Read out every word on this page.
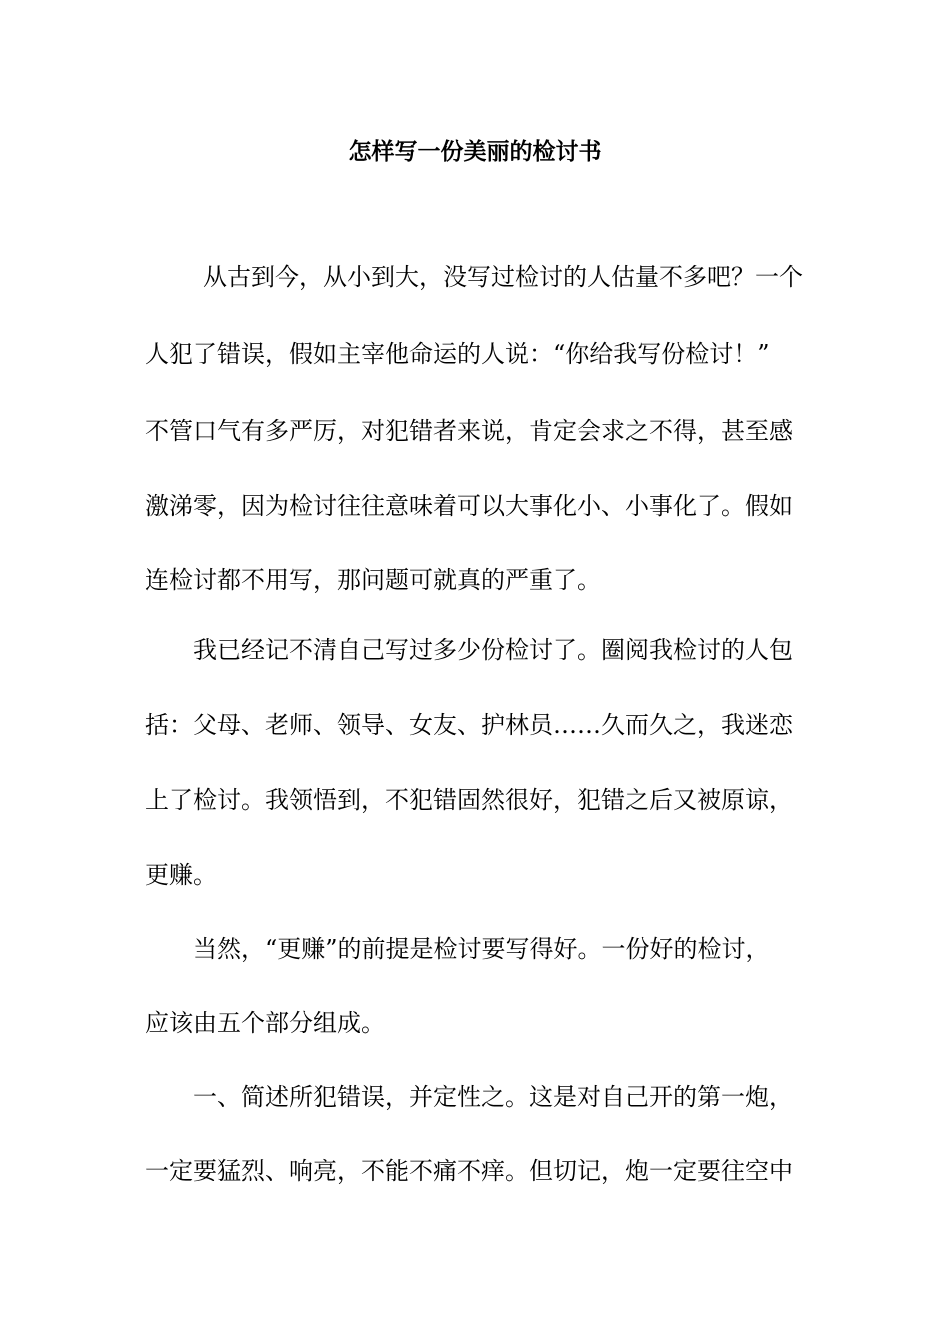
怎样写一份美丽的检讨书
从古到今，从小到大，没写过检讨的人估量不多吧？一个
人犯了错误，假如主宰他命运的人说：“你给我写份检讨！”
不管口气有多严厉，对犯错者来说，肯定会求之不得，甚至感
激涕零，因为检讨往往意味着可以大事化小、小事化了。假如
连检讨都不用写，那问题可就真的严重了。
我已经记不清自己写过多少份检讨了。圈阅我检讨的人包
括：父母、老师、领导、女友、护林员……久而久之，我迷恋
上了检讨。我领悟到，不犯错固然很好，犯错之后又被原谅，
更赚。
当然，“更赚”的前提是检讨要写得好。一份好的检讨，
应该由五个部分组成。
一、简述所犯错误，并定性之。这是对自己开的第一炮，
一定要猛烈、响亮，不能不痛不痒。但切记，炮一定要往空中
